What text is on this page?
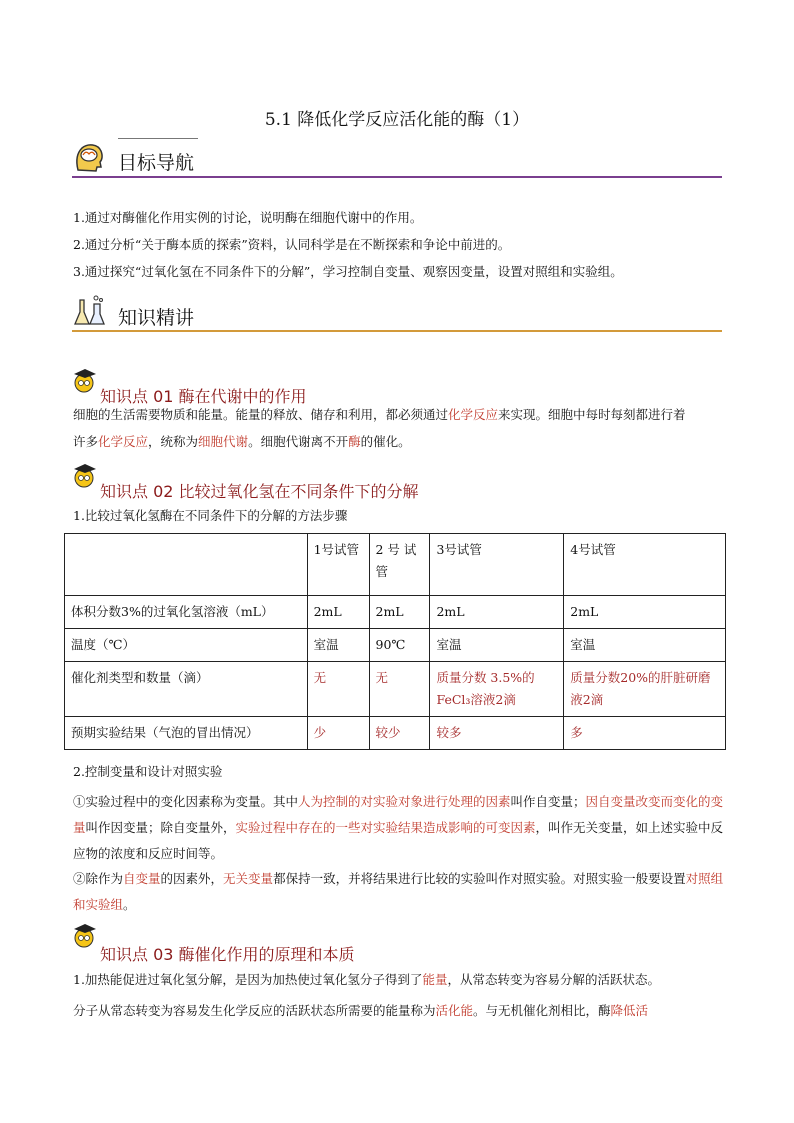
5.1 降低化学反应活化能的酶（1）
目标导航
1.通过对酶催化作用实例的讨论，说明酶在细胞代谢中的作用。
2.通过分析“关于酶本质的探索”资料，认同科学是在不断探索和争论中前进的。
3.通过探究“过氧化氢在不同条件下的分解”，学习控制自变量、观察因变量，设置对照组和实验组。
知识精讲
知识点 01 酶在代谢中的作用
细胞的生活需要物质和能量。能量的释放、储存和利用，都必须通过化学反应来实现。细胞中每时每刻都进行着
许多化学反应，统称为细胞代谢。细胞代谢离不开酶的催化。
知识点 02 比较过氧化氢在不同条件下的分解
1.比较过氧化氢酶在不同条件下的分解的方法步骤
	1号试管	2 号 试管	3号试管	4号试管
体积分数3%的过氧化氢溶液（mL）	2mL	2mL	2mL	2mL
温度（℃）	室温	90℃	室温	室温
催化剂类型和数量（滴）	无	无	质量分数 3.5%的FeCl₃溶液2滴	质量分数20%的肝脏研磨液2滴
预期实验结果（气泡的冒出情况）	少	较少	较多	多
2.控制变量和设计对照实验
①实验过程中的变化因素称为变量。其中人为控制的对实验对象进行处理的因素叫作自变量；因自变量改变而变化的变量叫作因变量；除自变量外，实验过程中存在的一些对实验结果造成影响的可变因素，叫作无关变量，如上述实验中反应物的浓度和反应时间等。
②除作为自变量的因素外，无关变量都保持一致，并将结果进行比较的实验叫作对照实验。对照实验一般要设置对照组和实验组。
知识点 03 酶催化作用的原理和本质
1.加热能促进过氧化氢分解，是因为加热使过氧化氢分子得到了能量，从常态转变为容易分解的活跃状态。
分子从常态转变为容易发生化学反应的活跃状态所需要的能量称为活化能。与无机催化剂相比，酶降低活
